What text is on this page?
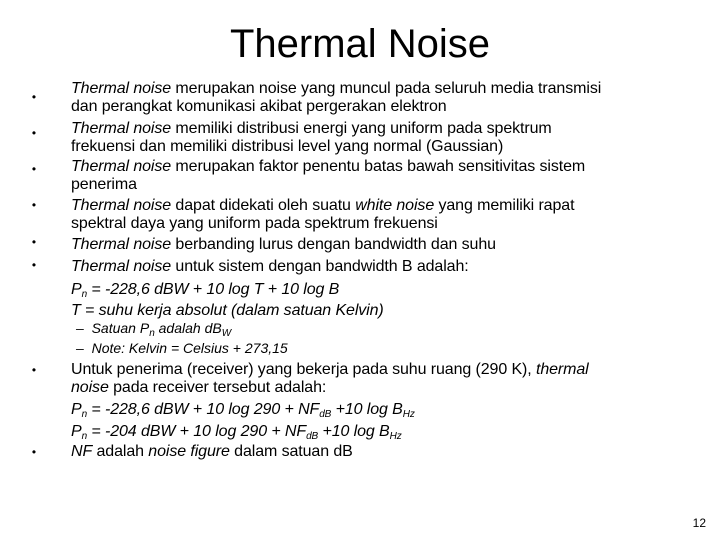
Thermal Noise
•
•
•
•
•
•
•
•
Thermal noise merupakan noise yang muncul pada seluruh media transmisi
dan perangkat komunikasi akibat pergerakan elektron
Thermal noise memiliki distribusi energi yang uniform pada spektrum
frekuensi dan memiliki distribusi level yang normal (Gaussian)
Thermal noise merupakan faktor penentu batas bawah sensitivitas sistem
penerima
Thermal noise dapat didekati oleh suatu white noise yang memiliki rapat
spektral daya yang uniform pada spektrum frekuensi
Thermal noise berbanding lurus dengan bandwidth dan suhu
Thermal noise untuk sistem dengan bandwidth B adalah:
$P_n = -228,6$ dBW + 10 log T + 10 log B
T = suhu kerja absolut (dalam satuan Kelvin)
– Satuan $P_n$ adalah $dB_W$
– Note: Kelvin = Celsius + 273,15
Untuk penerima (receiver) yang bekerja pada suhu ruang (290 K), thermal
noise pada receiver tersebut adalah:
$P_n = -228,6$ dBW + 10 $\log 290 + NF_{dB} +10$ $\log B_{Hz}$
$P_n = -204$ dBW + 10 $\log 290 + NF_{dB} +10$ $\log B_{Hz}$
NF adalah noise figure dalam satuan dB
12
